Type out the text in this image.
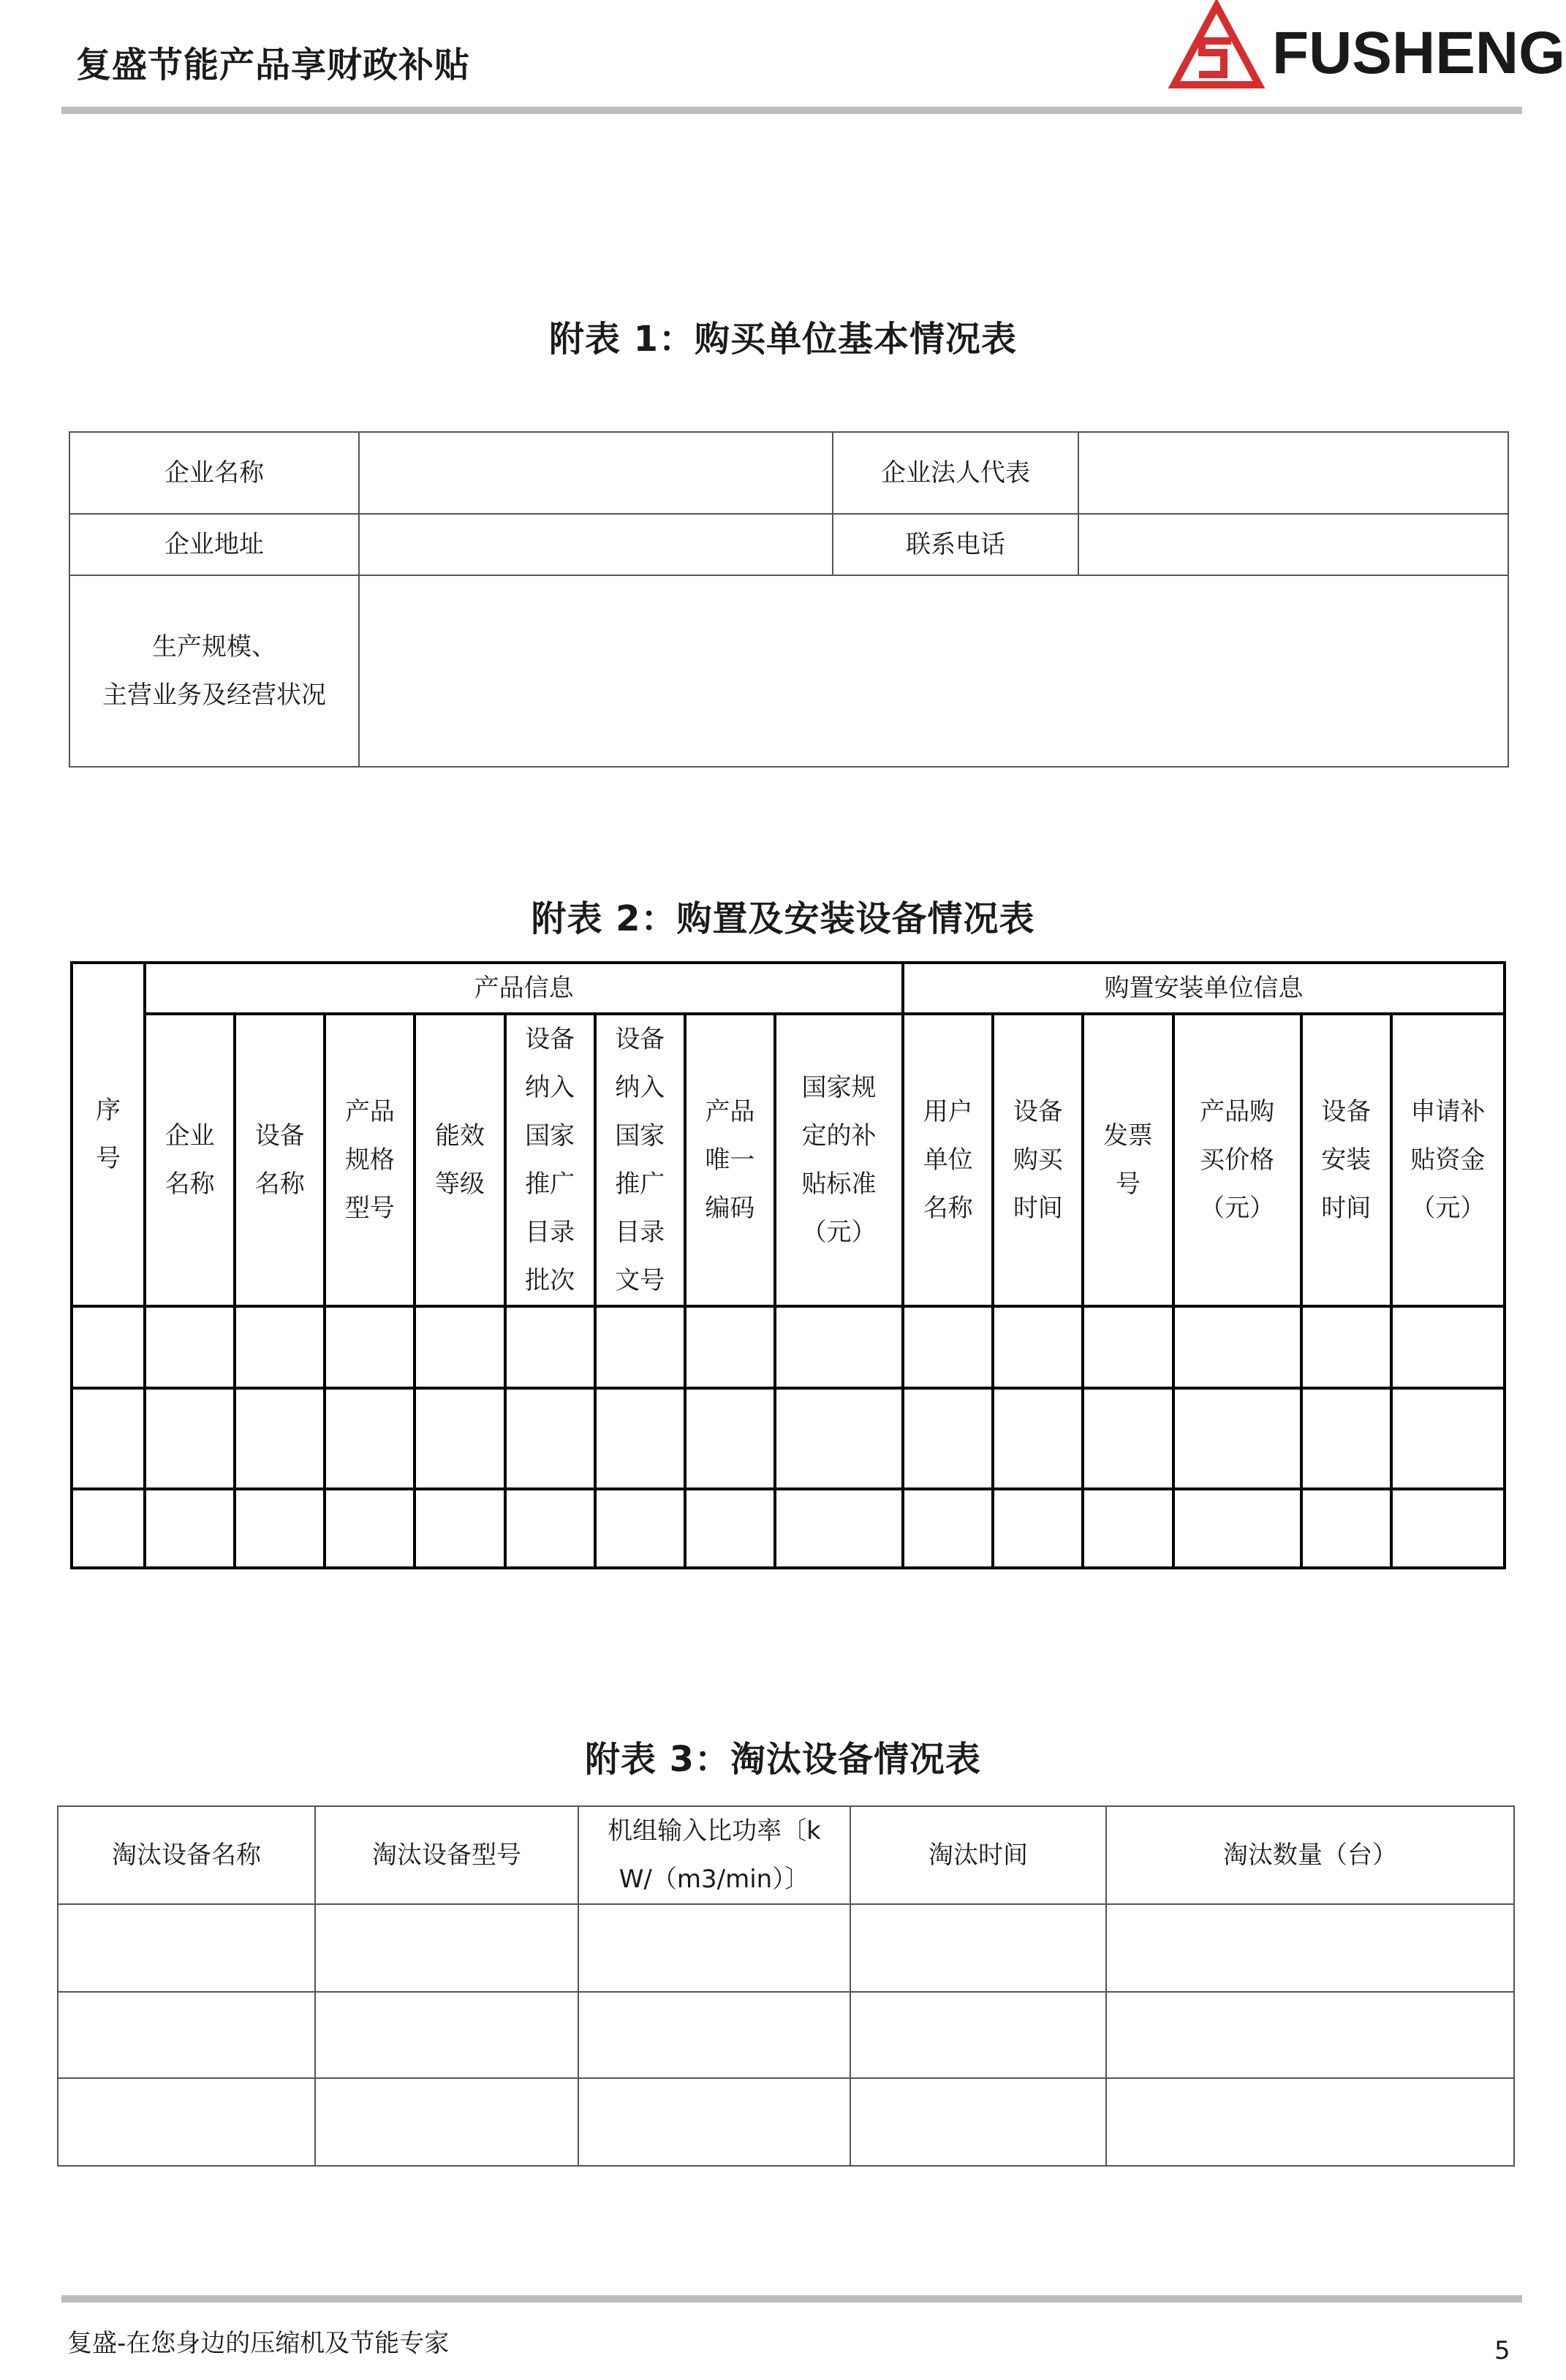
复盛节能产品享财政补贴	FUSHENG
附表 1：购买单位基本情况表
企业名称		企业法人代表	
企业地址		联系电话	

生产规模、
主营业务及经营状况			

附表 2：购置及安装设备情况表
序号	产品信息								购置安装单位信息					
	企业名称	设备名称	产品规格型号	能效等级	设备纳入国家推广目录批次	设备纳入国家推广目录文号	产品唯一编码	国家规定的补贴标准（元）	用户单位名称	设备购买时间	发票号	产品购买价格（元）	设备安装时间	申请补贴资金（元）

附表 3：淘汰设备情况表
淘汰设备名称	淘汰设备型号	机组输入比功率〔kW/（m3/min）〕	淘汰时间	淘汰数量（台）

复盛-在您身边的压缩机及节能专家	5
